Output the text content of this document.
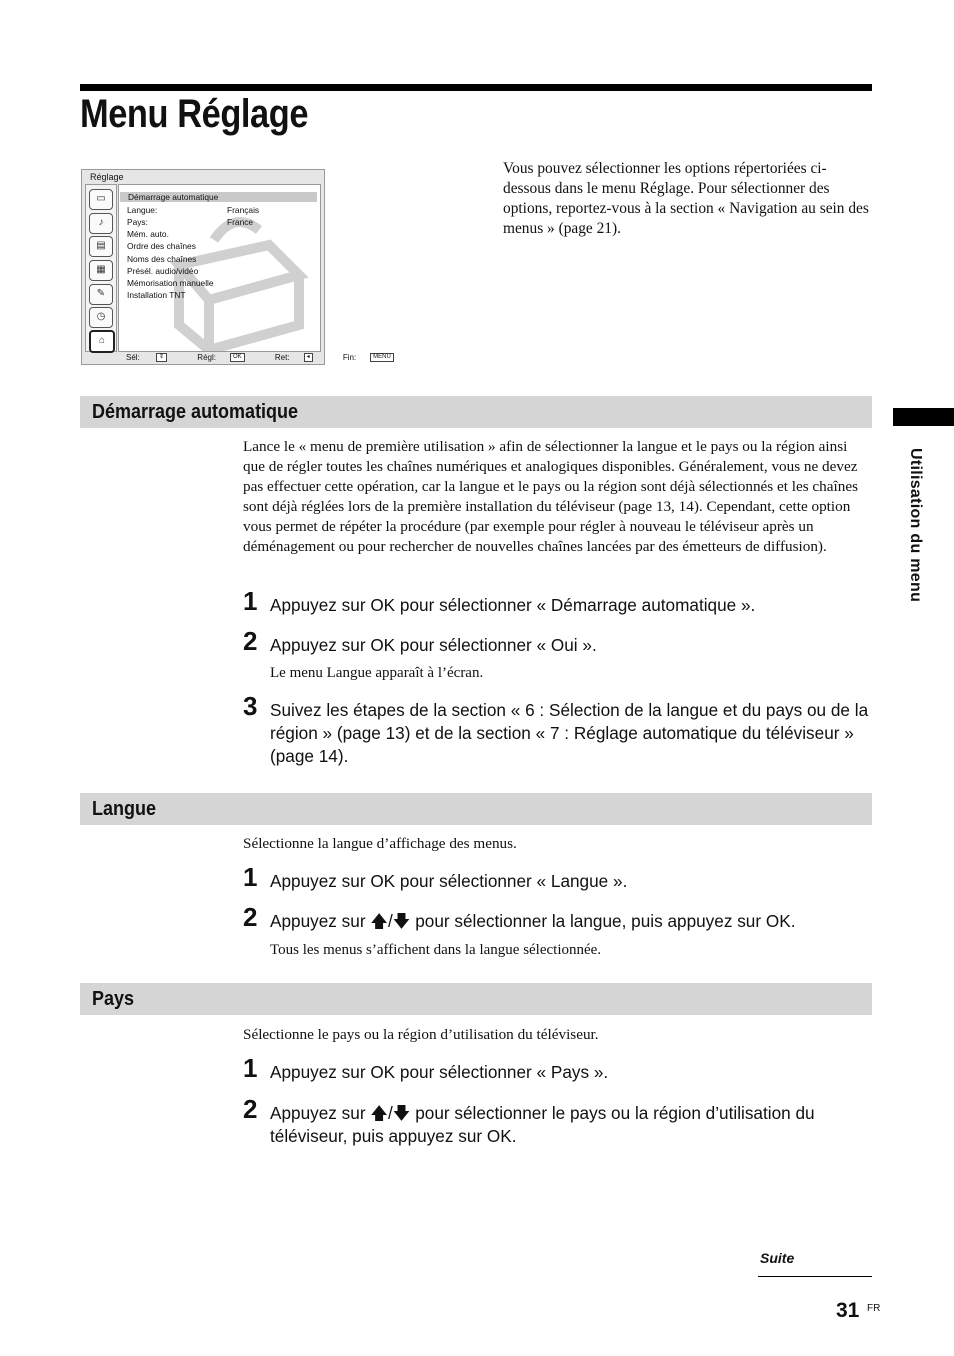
Menu Réglage
Réglage
▭
♪
▤
▦
✎
◷
⌂
Démarrage automatique
Langue:	Français
Pays:	France
Mém. auto.
Ordre des chaînes
Noms des chaînes
Présél. audio/vidéo
Mémorisation manuelle
Installation TNT
Sél:	⇕	Régl:	OK	Ret:	◂	Fin:	MENU
Vous pouvez sélectionner les options répertoriées ci-dessous dans le menu Réglage. Pour sélectionner des options, reportez-vous à la section « Navigation au sein des menus » (page 21).
Démarrage automatique
Lance le « menu de première utilisation » afin de sélectionner la langue et le pays ou la région ainsi que de régler toutes les chaînes numériques et analogiques disponibles. Généralement, vous ne devez pas effectuer cette opération, car la langue et le pays ou la région sont déjà sélectionnés et les chaînes sont déjà réglées lors de la première installation du téléviseur (page 13, 14). Cependant, cette option vous permet de répéter la procédure (par exemple pour régler à nouveau le téléviseur après un déménagement ou pour rechercher de nouvelles chaînes lancées par des émetteurs de diffusion).
1 Appuyez sur OK pour sélectionner « Démarrage automatique ».
2 Appuyez sur OK pour sélectionner « Oui ».
Le menu Langue apparaît à l’écran.
3 Suivez les étapes de la section « 6 : Sélection de la langue et du pays ou de la région » (page 13) et de la section « 7 : Réglage automatique du téléviseur » (page 14).
Langue
Sélectionne la langue d’affichage des menus.
1 Appuyez sur OK pour sélectionner « Langue ».
2 Appuyez sur 🡅/🡇 pour sélectionner la langue, puis appuyez sur OK.
Tous les menus s’affichent dans la langue sélectionnée.
Pays
Sélectionne le pays ou la région d’utilisation du téléviseur.
1 Appuyez sur OK pour sélectionner « Pays ».
2 Appuyez sur 🡅/🡇 pour sélectionner le pays ou la région d’utilisation du téléviseur, puis appuyez sur OK.
Utilisation du menu
Suite
31 FR
